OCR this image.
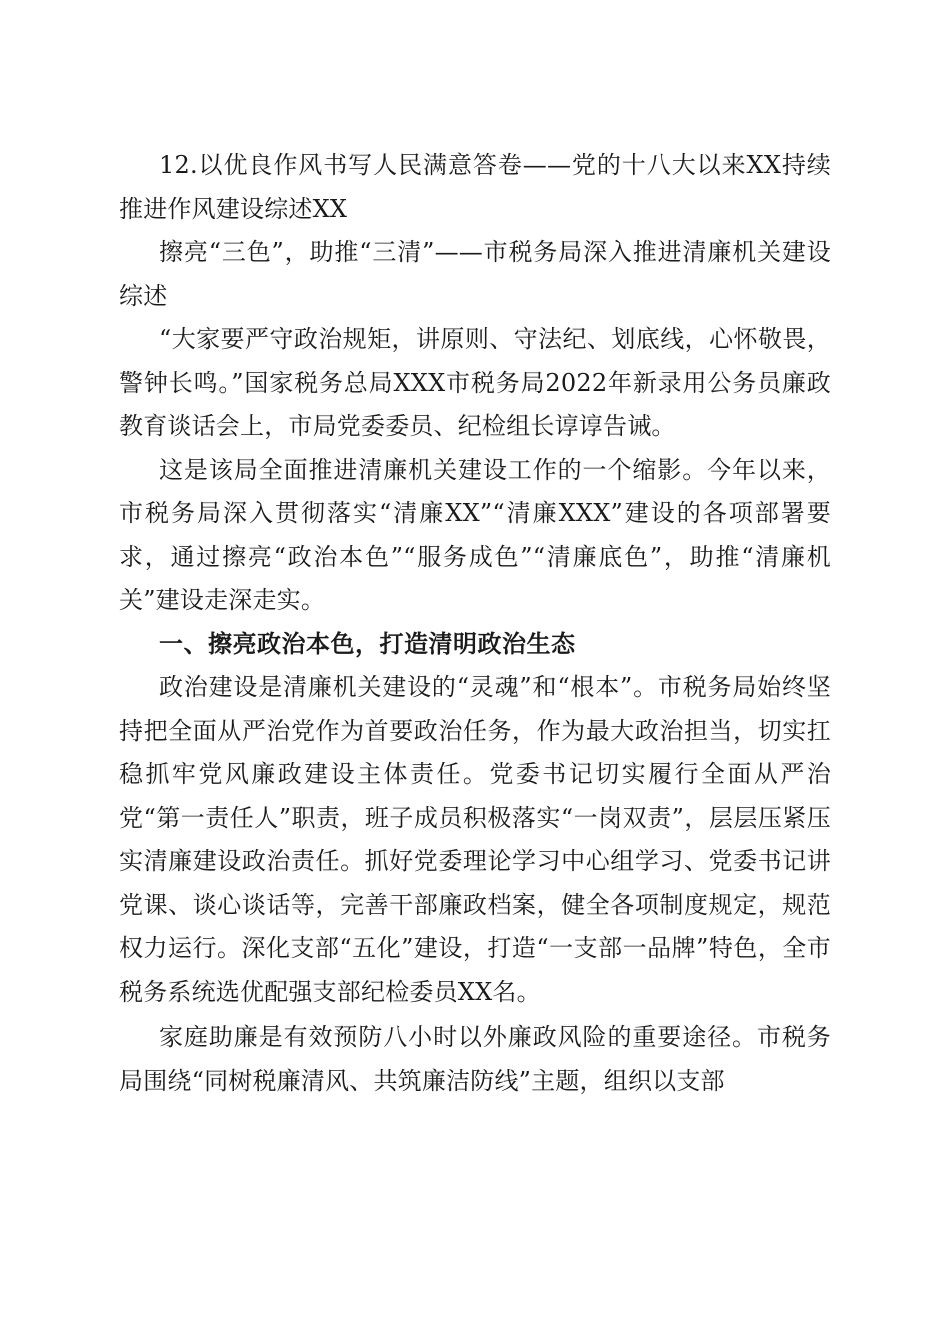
12.以优良作风书写人民满意答卷——党的十八大以来XX持续推进作风建设综述XX

擦亮“三色”，助推“三清”——市税务局深入推进清廉机关建设综述

“大家要严守政治规矩，讲原则、守法纪、划底线，心怀敬畏，警钟长鸣。”国家税务总局XXX市税务局2022年新录用公务员廉政教育谈话会上，市局党委委员、纪检组长谆谆告诫。

这是该局全面推进清廉机关建设工作的一个缩影。今年以来，市税务局深入贯彻落实“清廉XX”“清廉XXX”建设的各项部署要求，通过擦亮“政治本色”“服务成色”“清廉底色”，助推“清廉机关”建设走深走实。

一、擦亮政治本色，打造清明政治生态

政治建设是清廉机关建设的“灵魂”和“根本”。市税务局始终坚持把全面从严治党作为首要政治任务，作为最大政治担当，切实扛稳抓牢党风廉政建设主体责任。党委书记切实履行全面从严治党“第一责任人”职责，班子成员积极落实“一岗双责”，层层压紧压实清廉建设政治责任。抓好党委理论学习中心组学习、党委书记讲党课、谈心谈话等，完善干部廉政档案，健全各项制度规定，规范权力运行。深化支部“五化”建设，打造“一支部一品牌”特色，全市税务系统选优配强支部纪检委员XX名。

家庭助廉是有效预防八小时以外廉政风险的重要途径。市税务局围绕“同树税廉清风、共筑廉洁防线”主题，组织以支部
